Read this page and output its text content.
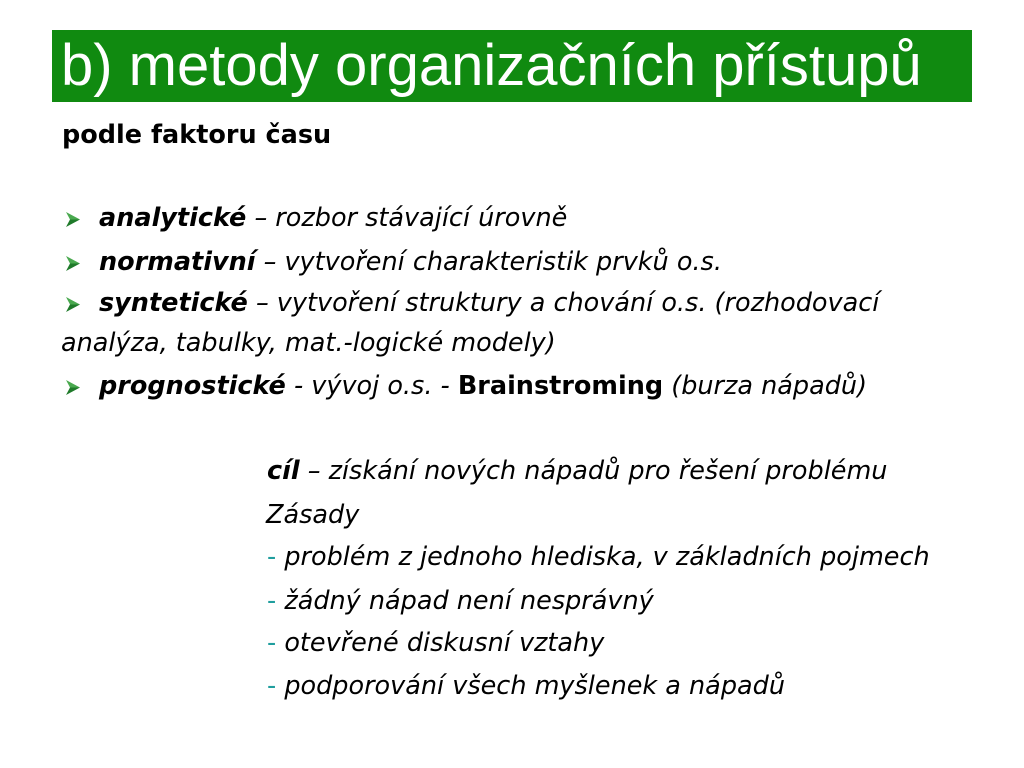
b) metody organizačních přístupů
podle faktoru času
analytické – rozbor stávající úrovně
normativní – vytvoření charakteristik prvků o.s.
syntetické – vytvoření struktury a chování o.s. (rozhodovací
analýza, tabulky, mat.-logické modely)
prognostické - vývoj o.s. - Brainstroming (burza nápadů)
cíl – získání nových nápadů pro řešení problému
Zásady
- problém z jednoho hlediska, v základních pojmech
- žádný nápad není nesprávný
- otevřené diskusní vztahy
- podporování všech myšlenek a nápadů
